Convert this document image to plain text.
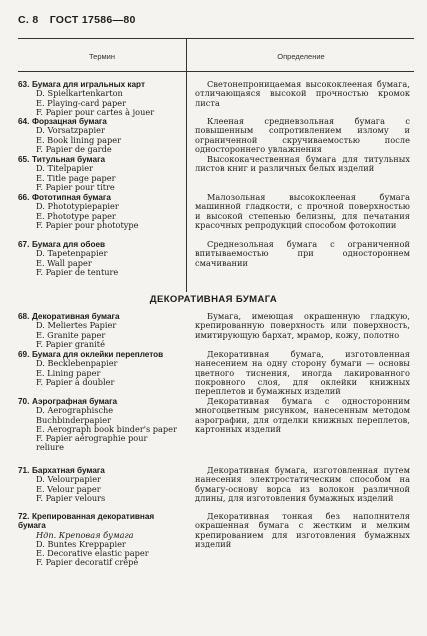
С. 8 ГОСТ 17586—80
Термин	Определение
63. Бумага для игральных карт
D. Spielkartenkarton
E. Playing-card paper
F. Papier pour cartes à jouer
Светонепроницаемая высококлееная бумага, отличающаяся высокой прочностью кромок листа
64. Форзацная бумага
D. Vorsatzpapier
E. Book lining paper
F. Papier de garde
Клееная средневзольная бумага с повышенным сопротивлением излому и ограниченной скручиваемостью после одностороннего увлажнения
65. Титульная бумага
D. Titelpapier
E. Title page paper
F. Papier pour titre
Высококачественная бумага для титульных листов книг и различных белых изделий
66. Фототипная бумага
D. Phototypiepapier
E. Phototype paper
F. Papier pour phototype
Малозольная высококлееная бумага машинной гладкости, с прочной поверхностью и высокой степенью белизны, для печатания красочных репродукций способом фотокопии
67. Бумага для обоев
D. Tapetenpapier
E. Wall paper
F. Papier de tenture
Среднезольная бумага с ограниченной впитываемостью при одностороннем смачивании
ДЕКОРАТИВНАЯ БУМАГА
68. Декоративная бумага
D. Meliertes Papier
E. Granite paper
F. Papier granité
Бумага, имеющая окрашенную гладкую, крепированную поверхность или поверхность, имитирующую бархат, мрамор, кожу, полотно
69. Бумага для оклейки переплетов
D. Becklebenpapier
E. Lining paper
F. Papier à doubler
Декоративная бумага, изготовленная нанесением на одну сторону бумаги — основы цветного тиснения, иногда лакированного покровного слоя, для оклейки книжных переплетов и бумажных изделий
70. Аэрографная бумага
D. Aerographische Buchbinderpapier
E. Aerograph book binder's paper
F. Papier aérographie pour reliure
Декоративная бумага с односторонним многоцветным рисунком, нанесенным методом аэрографии, для отделки книжных переплетов, картонных изделий
71. Бархатная бумага
D. Velourpapier
E. Velour paper
F. Papier velours
Декоративная бумага, изготовленная путем нанесения электростатическим способом на бумагу-основу ворса из волокон различной длины, для изготовления бумажных изделий
72. Крепированная декоративная бумага
Ндп. Креповая бумага
D. Buntes Kreppapier
E. Decorative elastic paper
F. Papier decoratif crêpé
Декоративная тонкая без наполнителя окрашенная бумага с жестким и мелким крепированием для изготовления бумажных изделий
